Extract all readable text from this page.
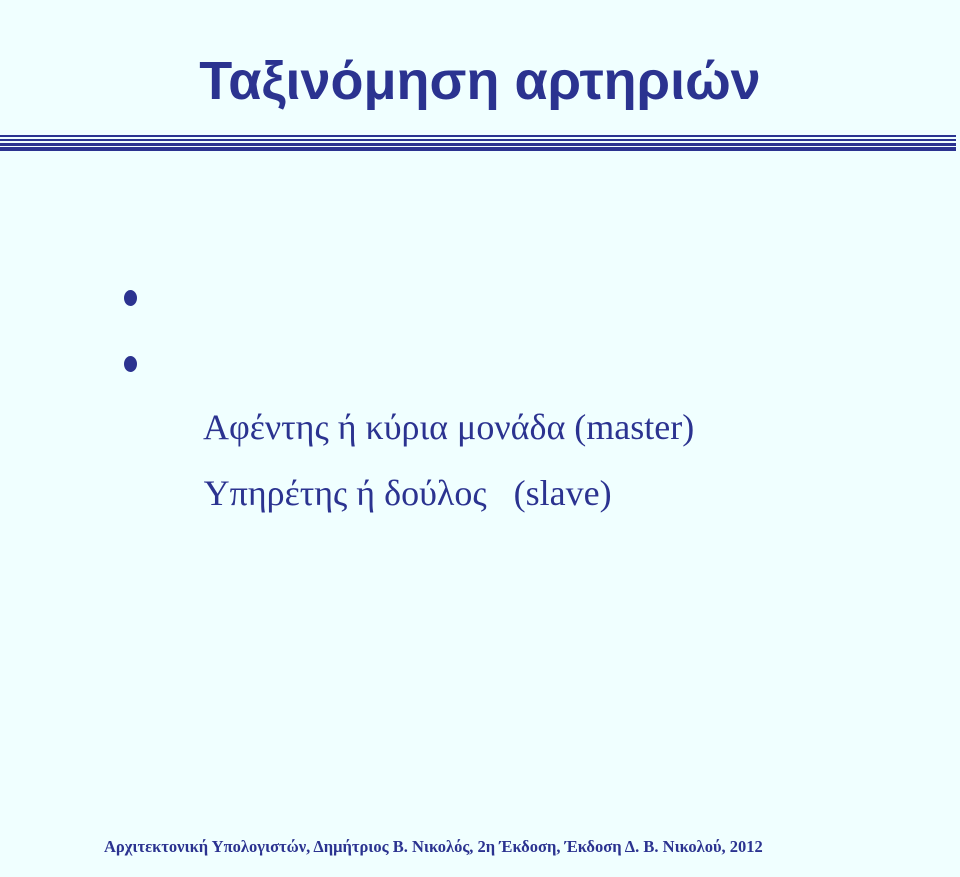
Ταξινόμηση αρτηριών

Αφέντης ή κύρια μονάδα (master)

Υπηρέτης ή δούλος   (slave)

Αρχιτεκτονική Υπολογιστών, Δημήτριος Β. Νικολός, 2η Έκδοση, Έκδοση Δ. Β. Νικολού, 2012
